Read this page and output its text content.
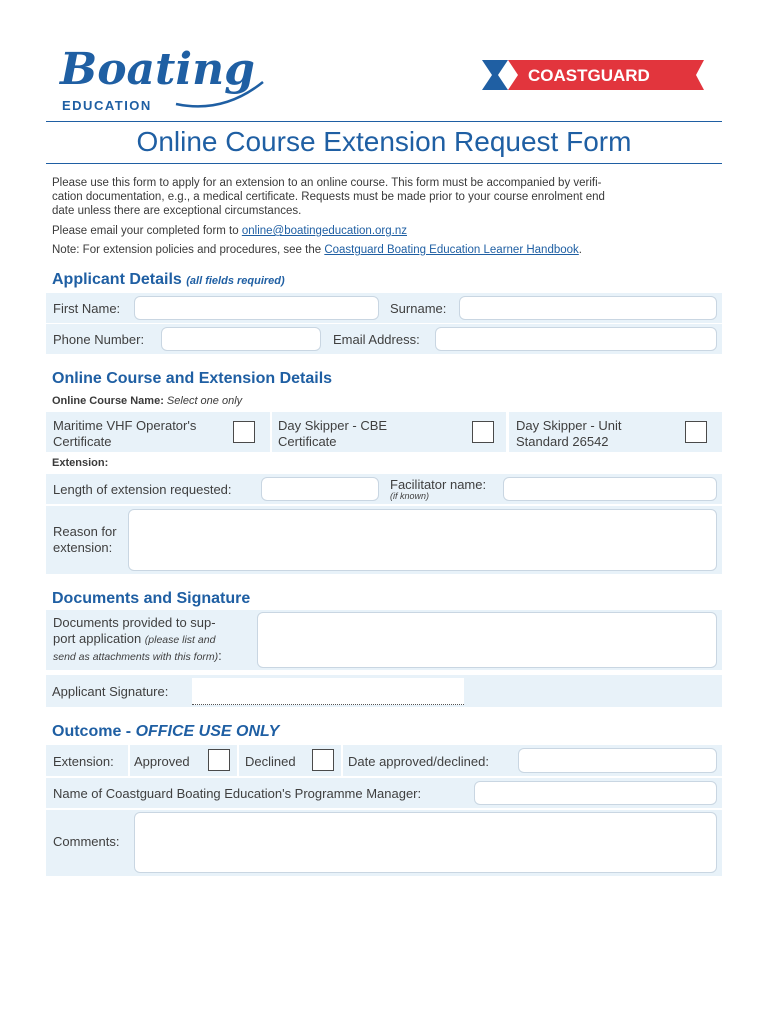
Boating
EDUCATION
COASTGUARD
Online Course Extension Request Form
Please use this form to apply for an extension to an online course. This form must be accompanied by verifi-
cation documentation, e.g., a medical certificate. Requests must be made prior to your course enrolment end
date unless there are exceptional circumstances.
Please email your completed form to online@boatingeducation.org.nz
Note: For extension policies and procedures, see the Coastguard Boating Education Learner Handbook.
Applicant Details (all fields required)
First Name:	Surname:
Phone Number:	Email Address:
Online Course and Extension Details
Online Course Name: Select one only
Maritime VHF Operator's
Certificate
Day Skipper - CBE
Certificate
Day Skipper - Unit
Standard 26542
Extension:
Length of extension requested:	Facilitator name:
(if known)
Reason for
extension:
Documents and Signature
Documents provided to sup-
port application (please list and
send as attachments with this form):
Applicant Signature:
Outcome - OFFICE USE ONLY
Extension: Approved	Declined	Date approved/declined:
Name of Coastguard Boating Education's Programme Manager:
Comments:
